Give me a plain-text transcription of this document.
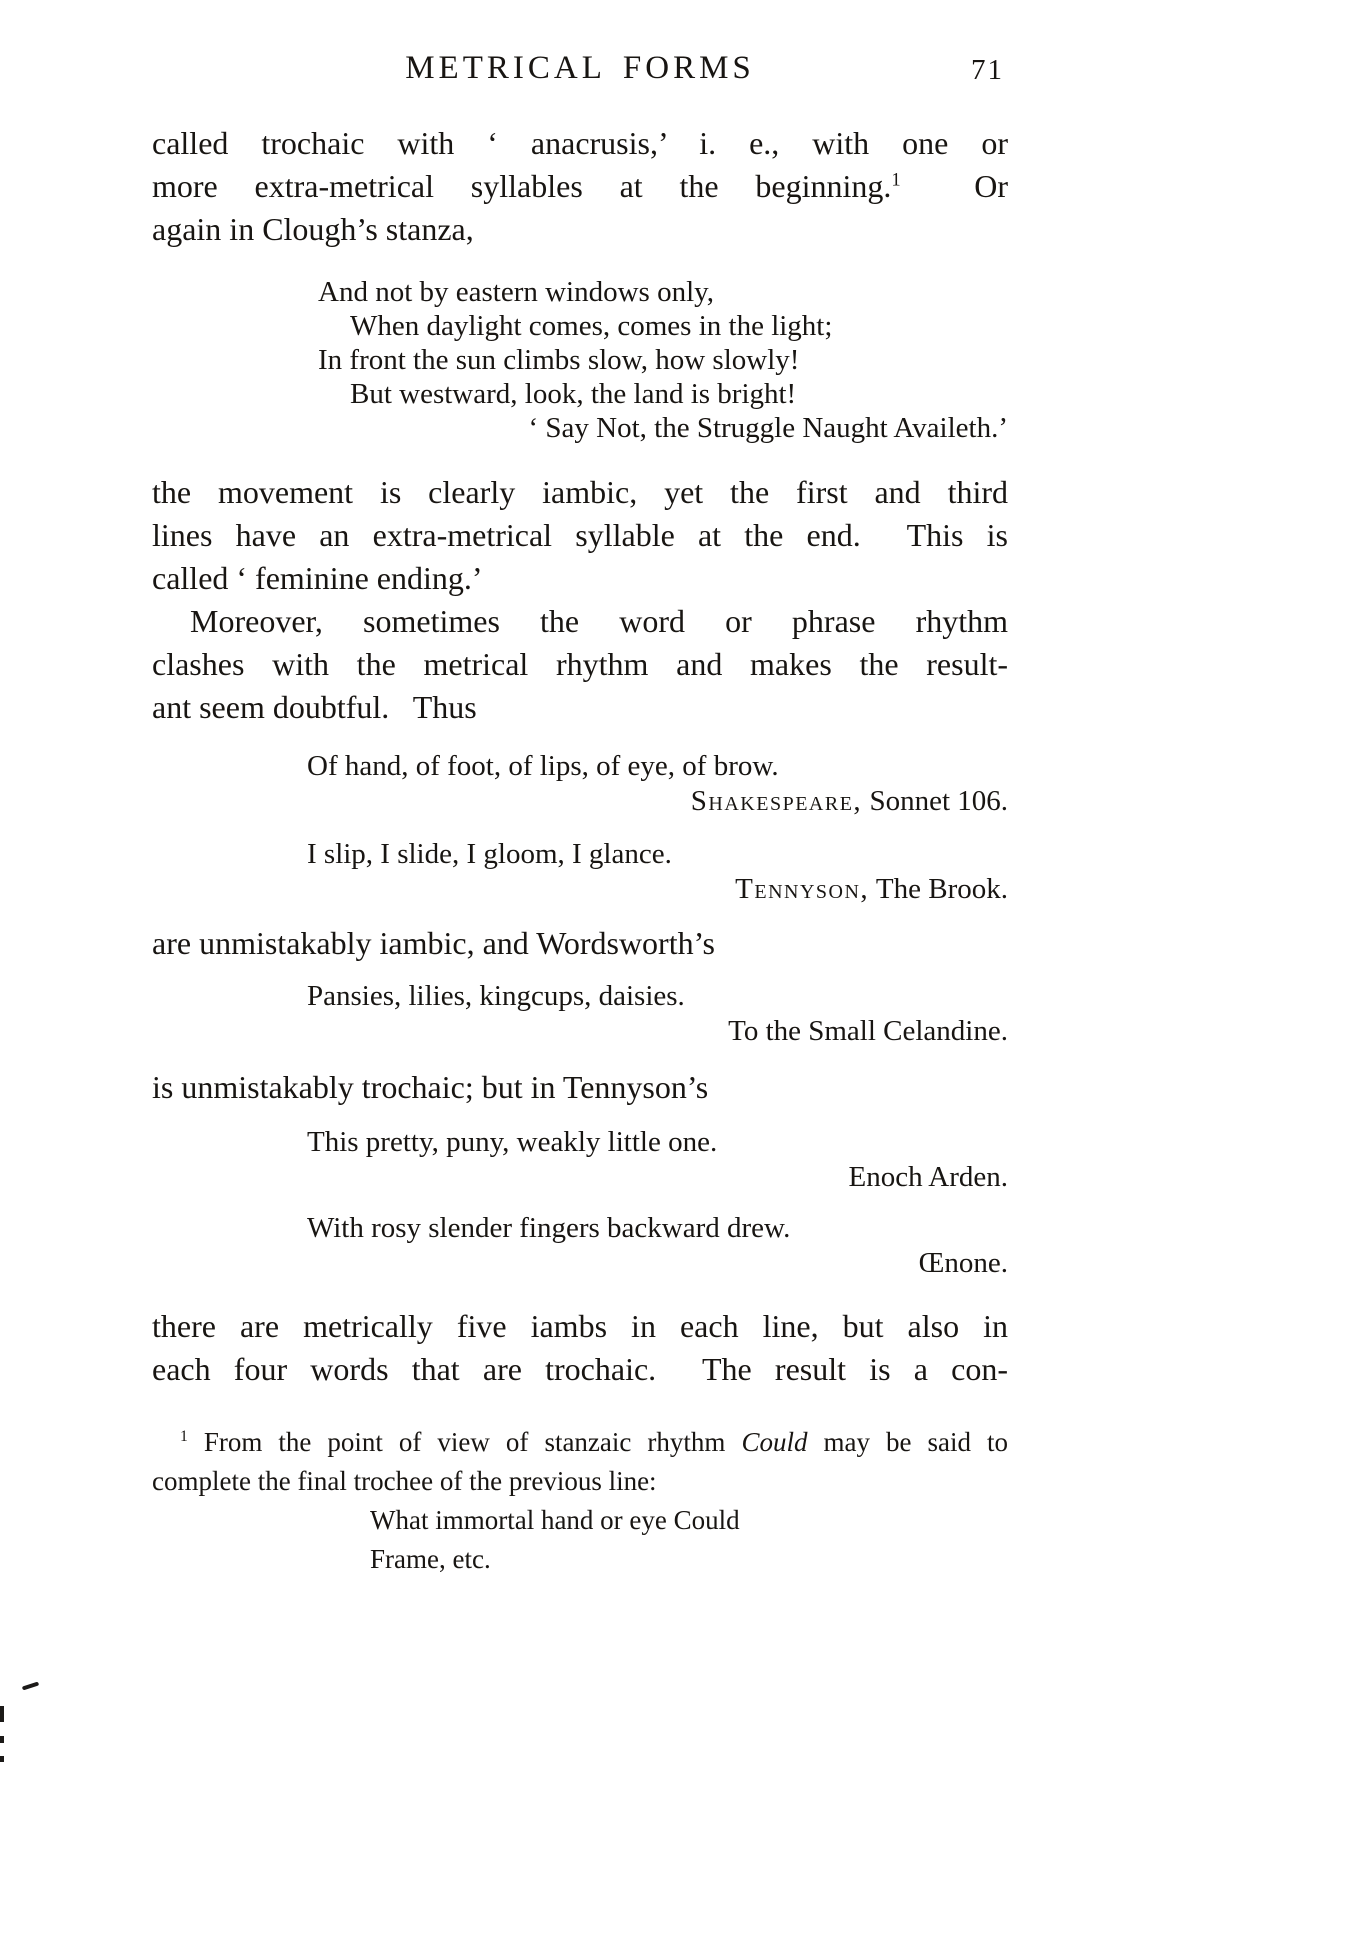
METRICAL FORMS	71
called trochaic with ‘ anacrusis,’ i. e., with one or
more extra-metrical syllables at the beginning.$^1$  Or
again in Clough’s stanza,
And not by eastern windows only,
When daylight comes, comes in the light;
In front the sun climbs slow, how slowly!
But westward, look, the land is bright!
‘ Say Not, the Struggle Naught Availeth.’
the movement is clearly iambic, yet the first and third
lines have an extra-metrical syllable at the end.  This is
called ‘ feminine ending.’
Moreover, sometimes the word or phrase rhythm
clashes with the metrical rhythm and makes the result-
ant seem doubtful.   Thus
Of hand, of foot, of lips, of eye, of brow.
Shakespeare, Sonnet 106.
I slip, I slide, I gloom, I glance.
Tennyson, The Brook.
are unmistakably iambic, and Wordsworth’s
Pansies, lilies, kingcups, daisies.
To the Small Celandine.
is unmistakably trochaic; but in Tennyson’s
This pretty, puny, weakly little one.
Enoch Arden.
With rosy slender fingers backward drew.
Œnone.
there are metrically five iambs in each line, but also in
each four words that are trochaic.  The result is a con-
$^1$ From the point of view of stanzaic rhythm Could may be said to
complete the final trochee of the previous line:
What immortal hand or eye Could
Frame, etc.
